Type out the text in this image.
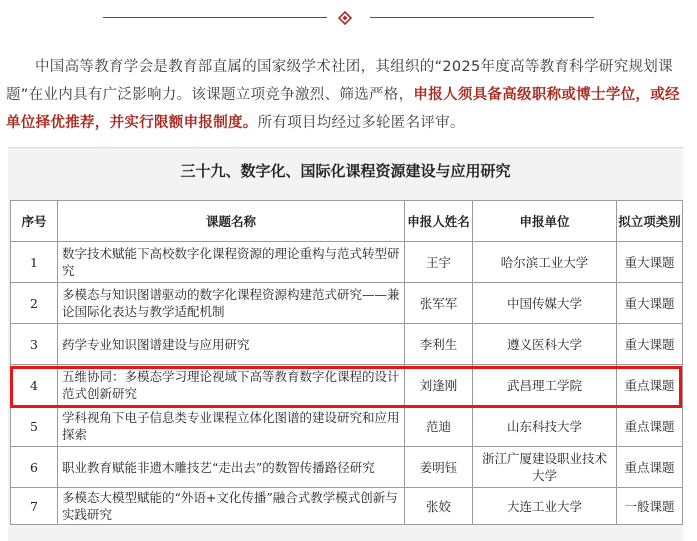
中国高等教育学会是教育部直属的国家级学术社团，其组织的“2025年度高等教育科学研究规划课题”在业内具有广泛影响力。该课题立项竞争激烈、筛选严格，申报人须具备高级职称或博士学位，或经单位择优推荐，并实行限额申报制度。所有项目均经过多轮匿名评审。

三十九、数字化、国际化课程资源建设与应用研究
序号	课题名称	申报人姓名	申报单位	拟立项类别
1	数字技术赋能下高校数字化课程资源的理论重构与范式转型研究	王宇	哈尔滨工业大学	重大课题
2	多模态与知识图谱驱动的数字化课程资源构建范式研究——兼论国际化表达与教学适配机制	张军军	中国传媒大学	重大课题
3	药学专业知识图谱建设与应用研究	李利生	遵义医科大学	重大课题
4	五维协同：多模态学习理论视域下高等教育数字化课程的设计范式创新研究	刘逢刚	武昌理工学院	重点课题
5	学科视角下电子信息类专业课程立体化图谱的建设研究和应用探索	范迪	山东科技大学	重点课题
6	职业教育赋能非遗木雕技艺“走出去”的数智传播路径研究	姜明钰	浙江广厦建设职业技术大学	重点课题
7	多模态大模型赋能的“外语+文化传播”融合式教学模式创新与实践研究	张姣	大连工业大学	一般课题
